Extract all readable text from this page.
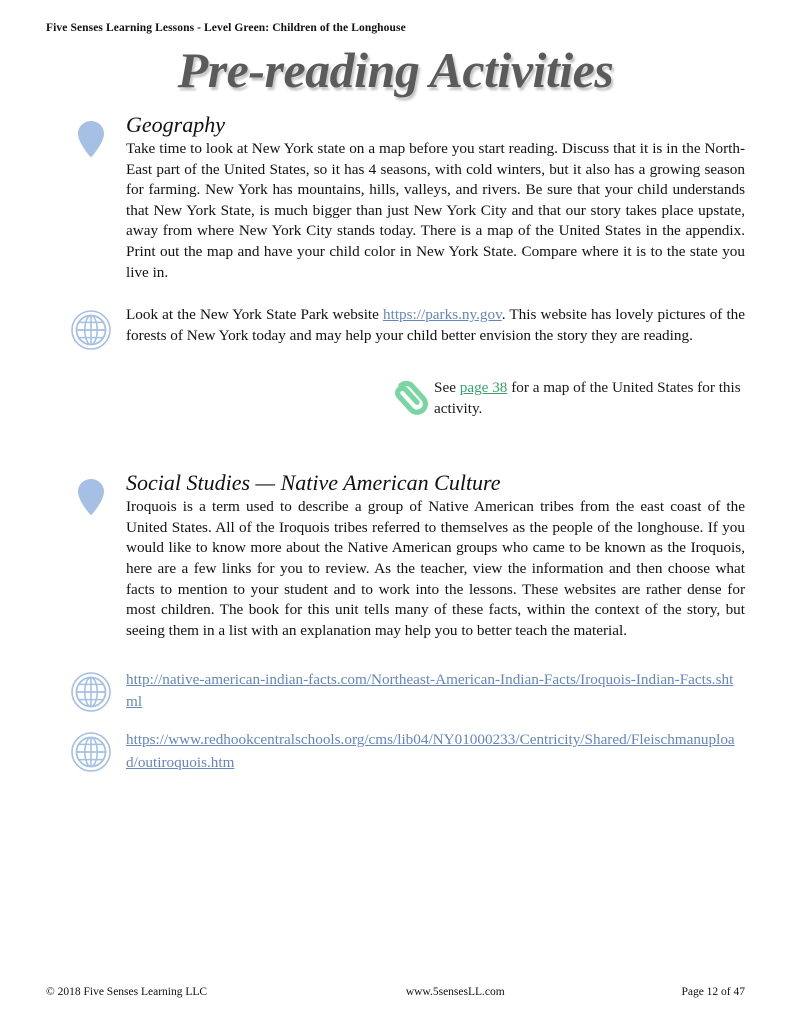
Five Senses Learning Lessons - Level Green: Children of the Longhouse
Pre-reading Activities
Geography

Take time to look at New York state on a map before you start reading. Discuss that it is in the North-East part of the United States, so it has 4 seasons, with cold winters, but it also has a growing season for farming. New York has mountains, hills, valleys, and rivers. Be sure that your child understands that New York State, is much bigger than just New York City and that our story takes place upstate, away from where New York City stands today. There is a map of the United States in the appendix. Print out the map and have your child color in New York State. Compare where it is to the state you live in.

Look at the New York State Park website https://parks.ny.gov. This website has lovely pictures of the forests of New York today and may help your child better envision the story they are reading.

See page 38 for a map of the United States for this activity.

Social Studies — Native American Culture

Iroquois is a term used to describe a group of Native American tribes from the east coast of the United States. All of the Iroquois tribes referred to themselves as the people of the longhouse. If you would like to know more about the Native American groups who came to be known as the Iroquois, here are a few links for you to review. As the teacher, view the information and then choose what facts to mention to your student and to work into the lessons. These websites are rather dense for most children. The book for this unit tells many of these facts, within the context of the story, but seeing them in a list with an explanation may help you to better teach the material.

http://native-american-indian-facts.com/Northeast-American-Indian-Facts/Iroquois-Indian-Facts.shtml

https://www.redhookcentralschools.org/cms/lib04/NY01000233/Centricity/Shared/Fleischmanupload/outiroquois.htm

© 2018 Five Senses Learning LLC	www.5sensesLL.com	Page 12 of 47
